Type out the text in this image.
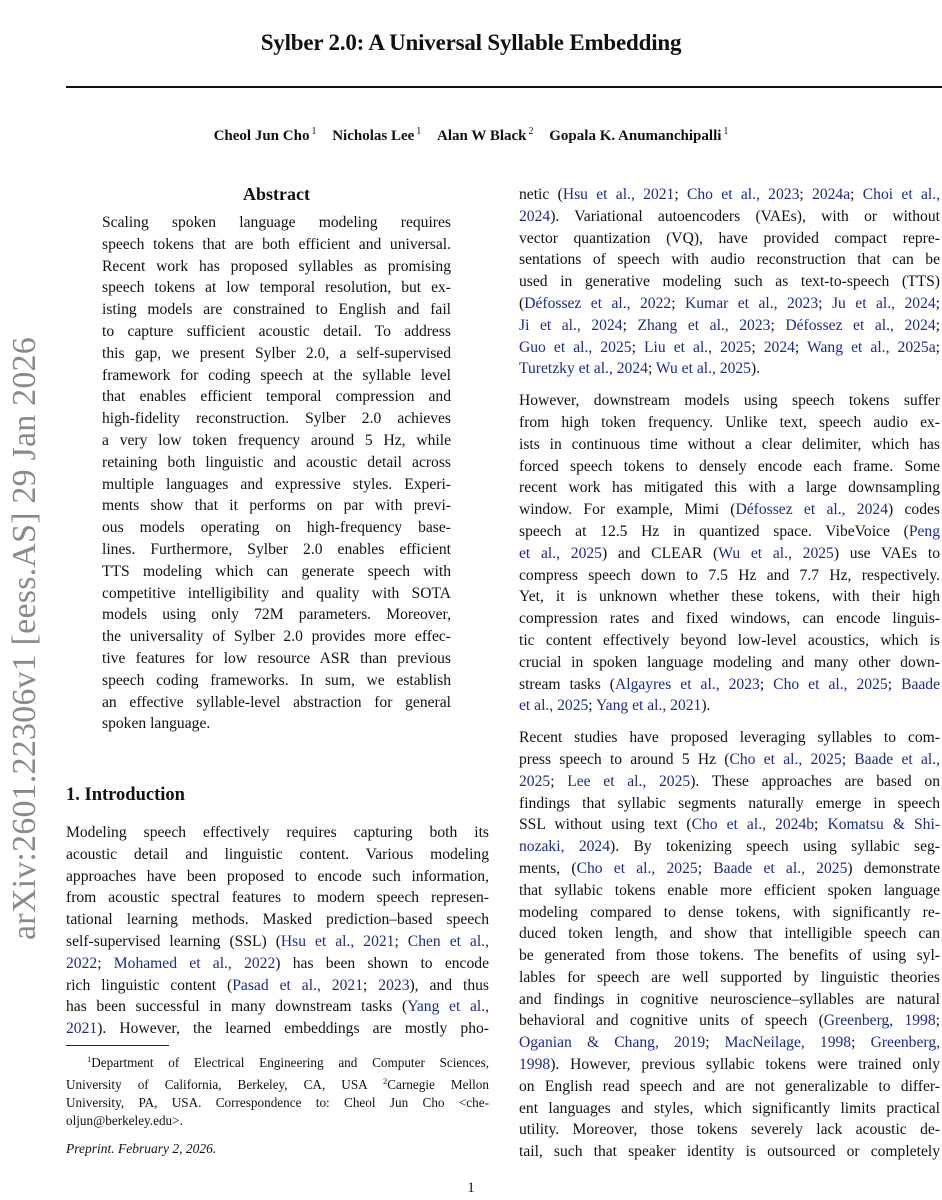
Sylber 2.0: A Universal Syllable Embedding
Cheol Jun Cho $^1$ Nicholas Lee $^1$ Alan W Black $^2$ Gopala K. Anumanchipalli $^1$
arXiv:2601.22306v1 [eess.AS] 29 Jan 2026
Abstract
Scaling spoken language modeling requires
speech tokens that are both efficient and universal.
Recent work has proposed syllables as promising
speech tokens at low temporal resolution, but ex-
isting models are constrained to English and fail
to capture sufficient acoustic detail. To address
this gap, we present Sylber 2.0, a self-supervised
framework for coding speech at the syllable level
that enables efficient temporal compression and
high-fidelity reconstruction. Sylber 2.0 achieves
a very low token frequency around 5 Hz, while
retaining both linguistic and acoustic detail across
multiple languages and expressive styles. Experi-
ments show that it performs on par with previ-
ous models operating on high-frequency base-
lines. Furthermore, Sylber 2.0 enables efficient
TTS modeling which can generate speech with
competitive intelligibility and quality with SOTA
models using only 72M parameters. Moreover,
the universality of Sylber 2.0 provides more effec-
tive features for low resource ASR than previous
speech coding frameworks. In sum, we establish
an effective syllable-level abstraction for general
spoken language.
1. Introduction
Modeling speech effectively requires capturing both its
acoustic detail and linguistic content. Various modeling
approaches have been proposed to encode such information,
from acoustic spectral features to modern speech represen-
tational learning methods. Masked prediction–based speech
self-supervised learning (SSL) (Hsu et al., 2021; Chen et al.,
2022; Mohamed et al., 2022) has been shown to encode
rich linguistic content (Pasad et al., 2021; 2023), and thus
has been successful in many downstream tasks (Yang et al.,
2021). However, the learned embeddings are mostly pho-
$^1$Department of Electrical Engineering and Computer Sciences,
University of California, Berkeley, CA, USA $^2$Carnegie Mellon
University, PA, USA. Correspondence to: Cheol Jun Cho <che-
oljun@berkeley.edu>.
Preprint. February 2, 2026.
netic (Hsu et al., 2021; Cho et al., 2023; 2024a; Choi et al.,
2024). Variational autoencoders (VAEs), with or without
vector quantization (VQ), have provided compact repre-
sentations of speech with audio reconstruction that can be
used in generative modeling such as text-to-speech (TTS)
(Défossez et al., 2022; Kumar et al., 2023; Ju et al., 2024;
Ji et al., 2024; Zhang et al., 2023; Défossez et al., 2024;
Guo et al., 2025; Liu et al., 2025; 2024; Wang et al., 2025a;
Turetzky et al., 2024; Wu et al., 2025).
However, downstream models using speech tokens suffer
from high token frequency. Unlike text, speech audio ex-
ists in continuous time without a clear delimiter, which has
forced speech tokens to densely encode each frame. Some
recent work has mitigated this with a large downsampling
window. For example, Mimi (Défossez et al., 2024) codes
speech at 12.5 Hz in quantized space. VibeVoice (Peng
et al., 2025) and CLEAR (Wu et al., 2025) use VAEs to
compress speech down to 7.5 Hz and 7.7 Hz, respectively.
Yet, it is unknown whether these tokens, with their high
compression rates and fixed windows, can encode linguis-
tic content effectively beyond low-level acoustics, which is
crucial in spoken language modeling and many other down-
stream tasks (Algayres et al., 2023; Cho et al., 2025; Baade
et al., 2025; Yang et al., 2021).
Recent studies have proposed leveraging syllables to com-
press speech to around 5 Hz (Cho et al., 2025; Baade et al.,
2025; Lee et al., 2025). These approaches are based on
findings that syllabic segments naturally emerge in speech
SSL without using text (Cho et al., 2024b; Komatsu & Shi-
nozaki, 2024). By tokenizing speech using syllabic seg-
ments, (Cho et al., 2025; Baade et al., 2025) demonstrate
that syllabic tokens enable more efficient spoken language
modeling compared to dense tokens, with significantly re-
duced token length, and show that intelligible speech can
be generated from those tokens. The benefits of using syl-
lables for speech are well supported by linguistic theories
and findings in cognitive neuroscience–syllables are natural
behavioral and cognitive units of speech (Greenberg, 1998;
Oganian & Chang, 2019; MacNeilage, 1998; Greenberg,
1998). However, previous syllabic tokens were trained only
on English read speech and are not generalizable to differ-
ent languages and styles, which significantly limits practical
utility. Moreover, those tokens severely lack acoustic de-
tail, such that speaker identity is outsourced or completely
1
